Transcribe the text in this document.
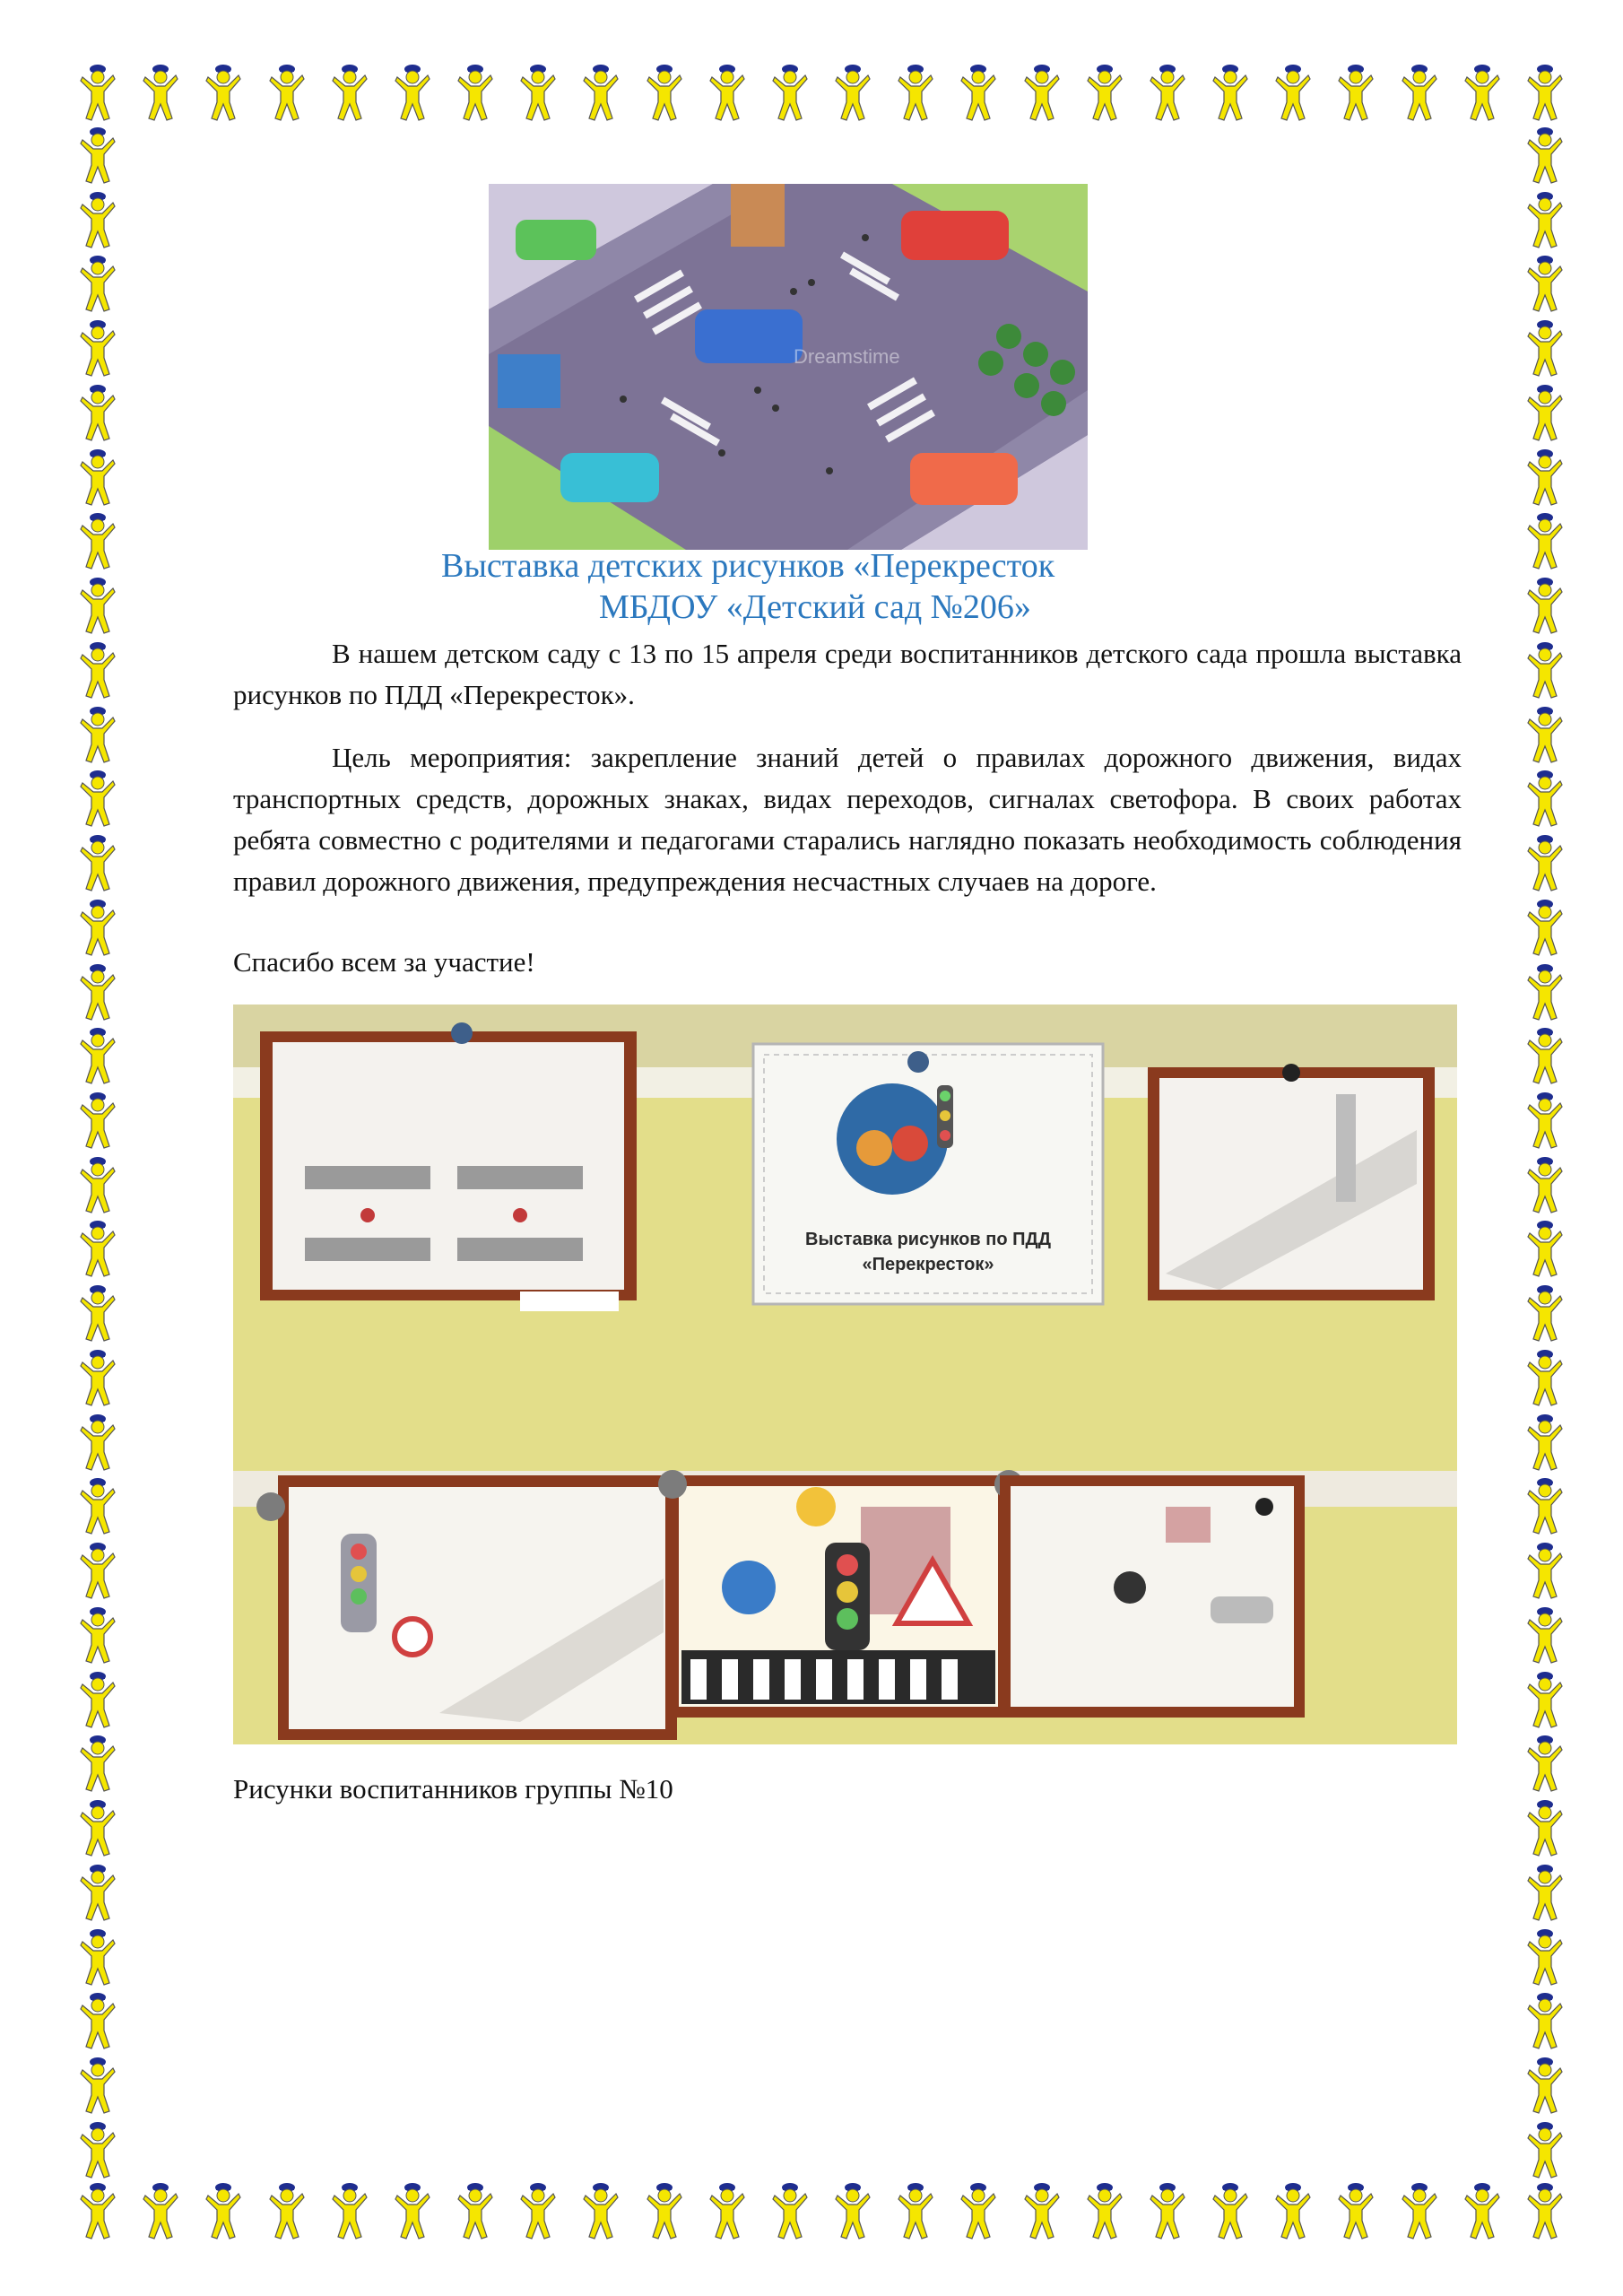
Dreamstime
Выставка детских рисунков «Перекресток
МБДОУ «Детский сад №206»

В нашем детском саду с 13 по 15 апреля среди воспитанников детского сада прошла выставка рисунков по ПДД «Перекресток».

Цель мероприятия: закрепление знаний детей о правилах дорожного движения, видах транспортных средств, дорожных знаках, видах переходов, сигналах светофора. В своих работах ребята совместно с родителями и педагогами старались наглядно показать необходимость соблюдения правил дорожного движения, предупреждения несчастных случаев на дороге.

Спасибо всем за участие!
Выставка рисунков по ПДД
«Перекресток»
Рисунки воспитанников группы №10
